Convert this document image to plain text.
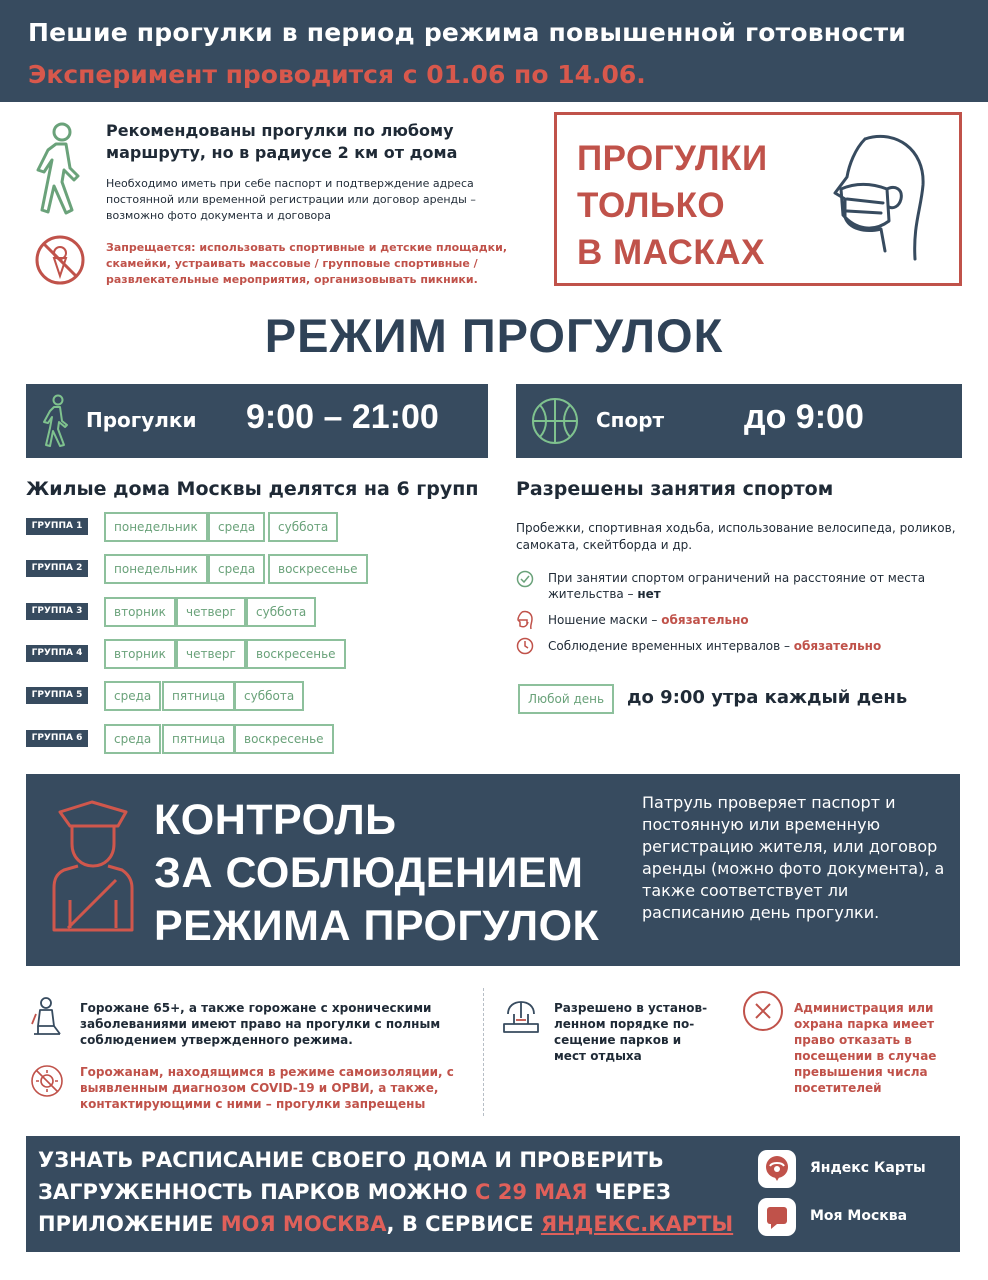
Пешие прогулки в период режима повышенной готовности
Эксперимент проводится с 01.06 по 14.06.
Рекомендованы прогулки по любому маршруту, но в радиусе 2 км от дома
Необходимо иметь при себе паспорт и подтверждение адреса постоянной или временной регистрации или договор аренды – возможно фото документа и договора
Запрещается: использовать спортивные и детские площадки, скамейки, устраивать массовые / групповые спортивные / развлекательные мероприятия, организовывать пикники.
ПРОГУЛКИ
ТОЛЬКО
В МАСКАХ
РЕЖИМ ПРОГУЛОК
Прогулки 9:00 – 21:00	Спорт до 9:00
Жилые дома Москвы делятся на 6 групп
ГРУППА 1	понедельник	среда	суббота
ГРУППА 2	понедельник	среда	воскресенье
ГРУППА 3	вторник	четверг	суббота
ГРУППА 4	вторник	четверг	воскресенье
ГРУППА 5	среда	пятница	суббота
ГРУППА 6	среда	пятница	воскресенье
Разрешены занятия спортом
Пробежки, спортивная ходьба, использование велосипеда, роликов, самоката, скейтборда и др.
При занятии спортом ограничений на расстояние от места жительства – нет
Ношение маски – обязательно
Соблюдение временных интервалов – обязательно
Любой день	до 9:00 утра каждый день
КОНТРОЛЬ
ЗА СОБЛЮДЕНИЕМ
РЕЖИМА ПРОГУЛОК
Патруль проверяет паспорт и постоянную или временную регистрацию жителя, или договор аренды (можно фото документа), а также соответствует ли расписанию день прогулки.
Горожане 65+, а также горожане с хроническими заболеваниями имеют право на прогулки с полным соблюдением утвержденного режима.
Горожанам, находящимся в режиме самоизоляции, с выявленным диагнозом COVID-19 и ОРВИ, а также, контактирующими с ними – прогулки запрещены
Разрешено в установ-ленном порядке по-сещение парков и мест отдыха
Администрация или охрана парка имеет право отказать в посещении в случае превышения числа посетителей
УЗНАТЬ РАСПИСАНИЕ СВОЕГО ДОМА И ПРОВЕРИТЬ
ЗАГРУЖЕННОСТЬ ПАРКОВ МОЖНО С 29 МАЯ ЧЕРЕЗ
ПРИЛОЖЕНИЕ МОЯ МОСКВА, В СЕРВИСЕ ЯНДЕКС.КАРТЫ
Яндекс Карты
Моя Москва
